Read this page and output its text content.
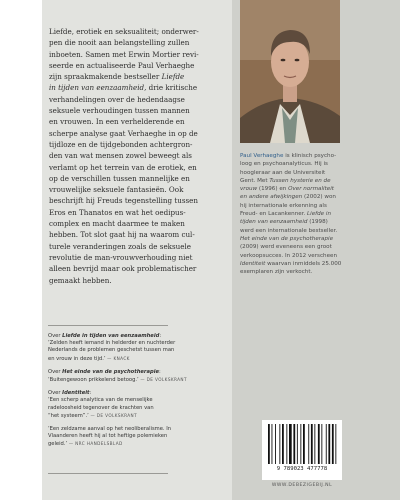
Liefde, erotiek en seksualiteit; onderwer-
pen die nooit aan belangstelling zullen
inboeten. Samen met Erwin Mortier revi-
seerde en actualiseerde Paul Verhaeghe
zijn spraakmakende bestseller Liefde
in tijden van eenzaamheid, drie kritische
verhandelingen over de hedendaagse
seksuele verhoudingen tussen mannen
en vrouwen. In een verhelderende en
scherpe analyse gaat Verhaeghe in op de
tijdloze en de tijdgebonden achtergron-
den van wat mensen zowel beweegt als
verlamt op het terrein van de erotiek, en
op de verschillen tussen mannelijke en
vrouwelijke seksuele fantasieën. Ook
beschrijft hij Freuds tegenstelling tussen
Eros en Thanatos en wat het oedipus-
complex en macht daarmee te maken
hebben. Tot slot gaat hij na waarom cul-
turele veranderingen zoals de seksuele
revolutie de man-vrouwverhouding niet
alleen bevrijd maar ook problematischer
gemaakt hebben.
Over Liefde in tijden van eenzaamheid:
‘Zelden heeft iemand in helderder en nuchterder
Nederlands de problemen geschetst tussen man
en vrouw in deze tijd.’ — KNACK
Over Het einde van de psychotherapie:
‘Buitengewoon prikkelend betoog.’ — DE VOLKSKRANT
Over Identiteit:
‘Een scherp analytica van de menselijke
radeloosheid tegenover de krachten van
“het systeem”.’ — DE VOLKSKRANT
‘Een zeldzame aanval op het neoliberalisme. In
Vlaanderen heeft hij al tot heftige polemieken
geleid.’ — NRC HANDELSBLAD
Paul Verhaeghe is klinisch psycho-
loog en psychoanalyticus. Hij is
hoogleraar aan de Universiteit
Gent. Met Tussen hysterie en de
vrouw (1996) en Over normaliteit
en andere afwijkingen (2002) won
hij internationale erkenning als
Freud- en Lacankenner. Liefde in
tijden van eenzaamheid (1998)
werd een internationale bestseller.
Het einde van de psychotherapie
(2009) werd eveneens een groot
verkoopsucces. In 2012 verscheen
Identiteit waarvan inmiddels 25.000
exemplaren zijn verkocht.
9 789023 477778
WWW.DEBEZIGEBIJ.NL
